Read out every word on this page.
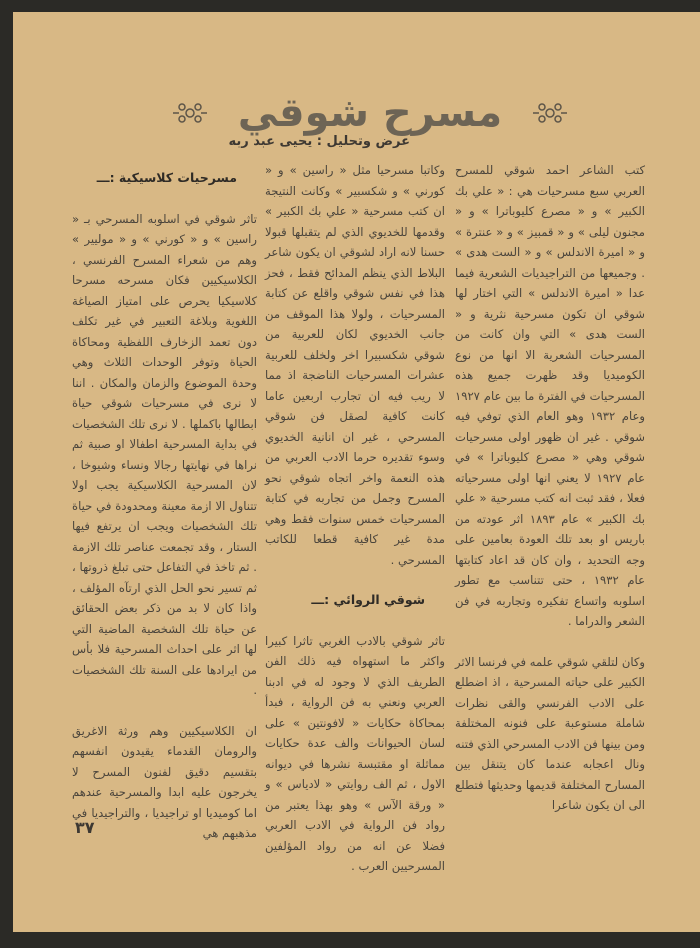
مسرح شوقي
عرض وتحليل : يحيى عبد ربه

كتب الشاعر احمد شوقي للمسرح العربي سبع مسرحيات هي : « علي بك الكبير » و « مصرع كليوباترا » و « مجنون ليلى » و « قمبيز » و « عنترة » و « اميرة الاندلس » و « الست هدى » . وجميعها من التراجيديات الشعرية فيما عدا « اميرة الاندلس » التي اختار لها شوقي ان تكون مسرحية نثرية و « الست هدى » التي وان كانت من المسرحيات الشعرية الا انها من نوع الكوميديا وقد ظهرت جميع هذه المسرحيات في الفترة ما بين عام ١٩٢٧ وعام ١٩٣٢ وهو العام الذي توفي فيه شوقي . غير ان ظهور اولى مسرحيات شوقي وهي « مصرع كليوباترا » في عام ١٩٢٧ لا يعني انها اولى مسرحياته فعلا ، فقد ثبت انه كتب مسرحية « علي بك الكبير » عام ١٨٩٣ اثر عودته من باريس او بعد تلك العودة بعامين على وجه التحديد ، وان كان قد اعاد كتابتها عام ١٩٣٢ ، حتى تتناسب مع تطور اسلوبه واتساع تفكيره وتجاربه في فن الشعر والدراما .

وكان لتلقي شوقي علمه في فرنسا الاثر الكبير على حياته المسرحية ، اذ اضطلع على الادب الفرنسي والقى نظرات شاملة مستوعبة على فنونه المختلفة ومن بينها فن الادب المسرحي الذي فتنه ونال اعجابه عندما كان يتنقل بين المسارح المختلفة قديمها وحديثها فتطلع الى ان يكون شاعرا

وكاتبا مسرحيا مثل « راسين » و « كورني » و شكسبير » وكانت النتيجة ان كتب مسرحية « علي بك الكبير » وقدمها للخديوي الذي لم يتقبلها قبولا حسنا لانه اراد لشوقي ان يكون شاعر البلاط الذي ينظم المدائح فقط ، فحز هذا في نفس شوقي واقلع عن كتابة المسرحيات ، ولولا هذا الموقف من جانب الخديوي لكان للعربية من شوقي شكسبيرا اخر ولخلف للعربية عشرات المسرحيات الناضجة اذ مما لا ريب فيه ان تجارب اربعين عاما كانت كافية لصقل فن شوقي المسرحي ، غير ان انانية الخديوي وسوء تقديره حرما الادب العربي من هذه النعمة واخر اتجاه شوقي نحو المسرح وجمل من تجاربه في كتابة المسرحيات خمس سنوات فقط وهي مدة غير كافية قطعا للكاتب المسرحي .

شوقي الروائي :ـــ

تاثر شوقي بالادب الغربي تاثرا كبيرا واكثر ما استهواه فيه ذلك الفن الطريف الذي لا وجود له في ادبنا العربي ونعني به فن الرواية ، فبدأ بمحاكاة حكايات « لافونتين » على لسان الحيوانات والف عدة حكايات مماثلة او مقتبسة نشرها في ديوانه الاول ، ثم الف روايتي « لادياس » و « ورقة الآس » وهو بهذا يعتبر من رواد فن الرواية في الادب العربي فضلا عن انه من رواد المؤلفين المسرحيين العرب .

مسرحيات كلاسيكية :ـــ

تاثر شوقي في اسلوبه المسرحي بـ « راسين » و « كورني » و « موليير » وهم من شعراء المسرح الفرنسي ، الكلاسيكيين فكان مسرحه مسرحا كلاسيكيا يحرص على امتياز الصياغة اللغوية وبلاغة التعبير في غير تكلف دون تعمد الزخارف اللفظية ومحاكاة الحياة وتوفر الوحدات الثلاث وهي وحدة الموضوع والزمان والمكان . اننا لا نرى في مسرحيات شوقي حياة ابطالها باكملها . لا نرى تلك الشخصيات في بداية المسرحية اطفالا او صبية ثم نراها في نهايتها رجالا ونساء وشيوخا ، لان المسرحية الكلاسيكية يجب اولا تتناول الا ازمة معينة ومحدودة في حياة تلك الشخصيات ويجب ان يرتفع فيها الستار ، وقد تجمعت عناصر تلك الازمة . ثم تاخذ في التفاعل حتى تبلغ ذروتها ، ثم تسير نحو الحل الذي ارتآه المؤلف ، واذا كان لا بد من ذكر بعض الحقائق عن حياة تلك الشخصية الماضية التي لها اثر على احداث المسرحية فلا بأس من ايرادها على السنة تلك الشخصيات .

ان الكلاسيكيين وهم ورثة الاغريق والرومان القدماء يقيدون انفسهم بتقسيم دقيق لفنون المسرح لا يخرجون عليه ابدا والمسرحية عندهم اما كوميديا او تراجيديا ، والتراجيديا في مذهبهم هي

٣٧
